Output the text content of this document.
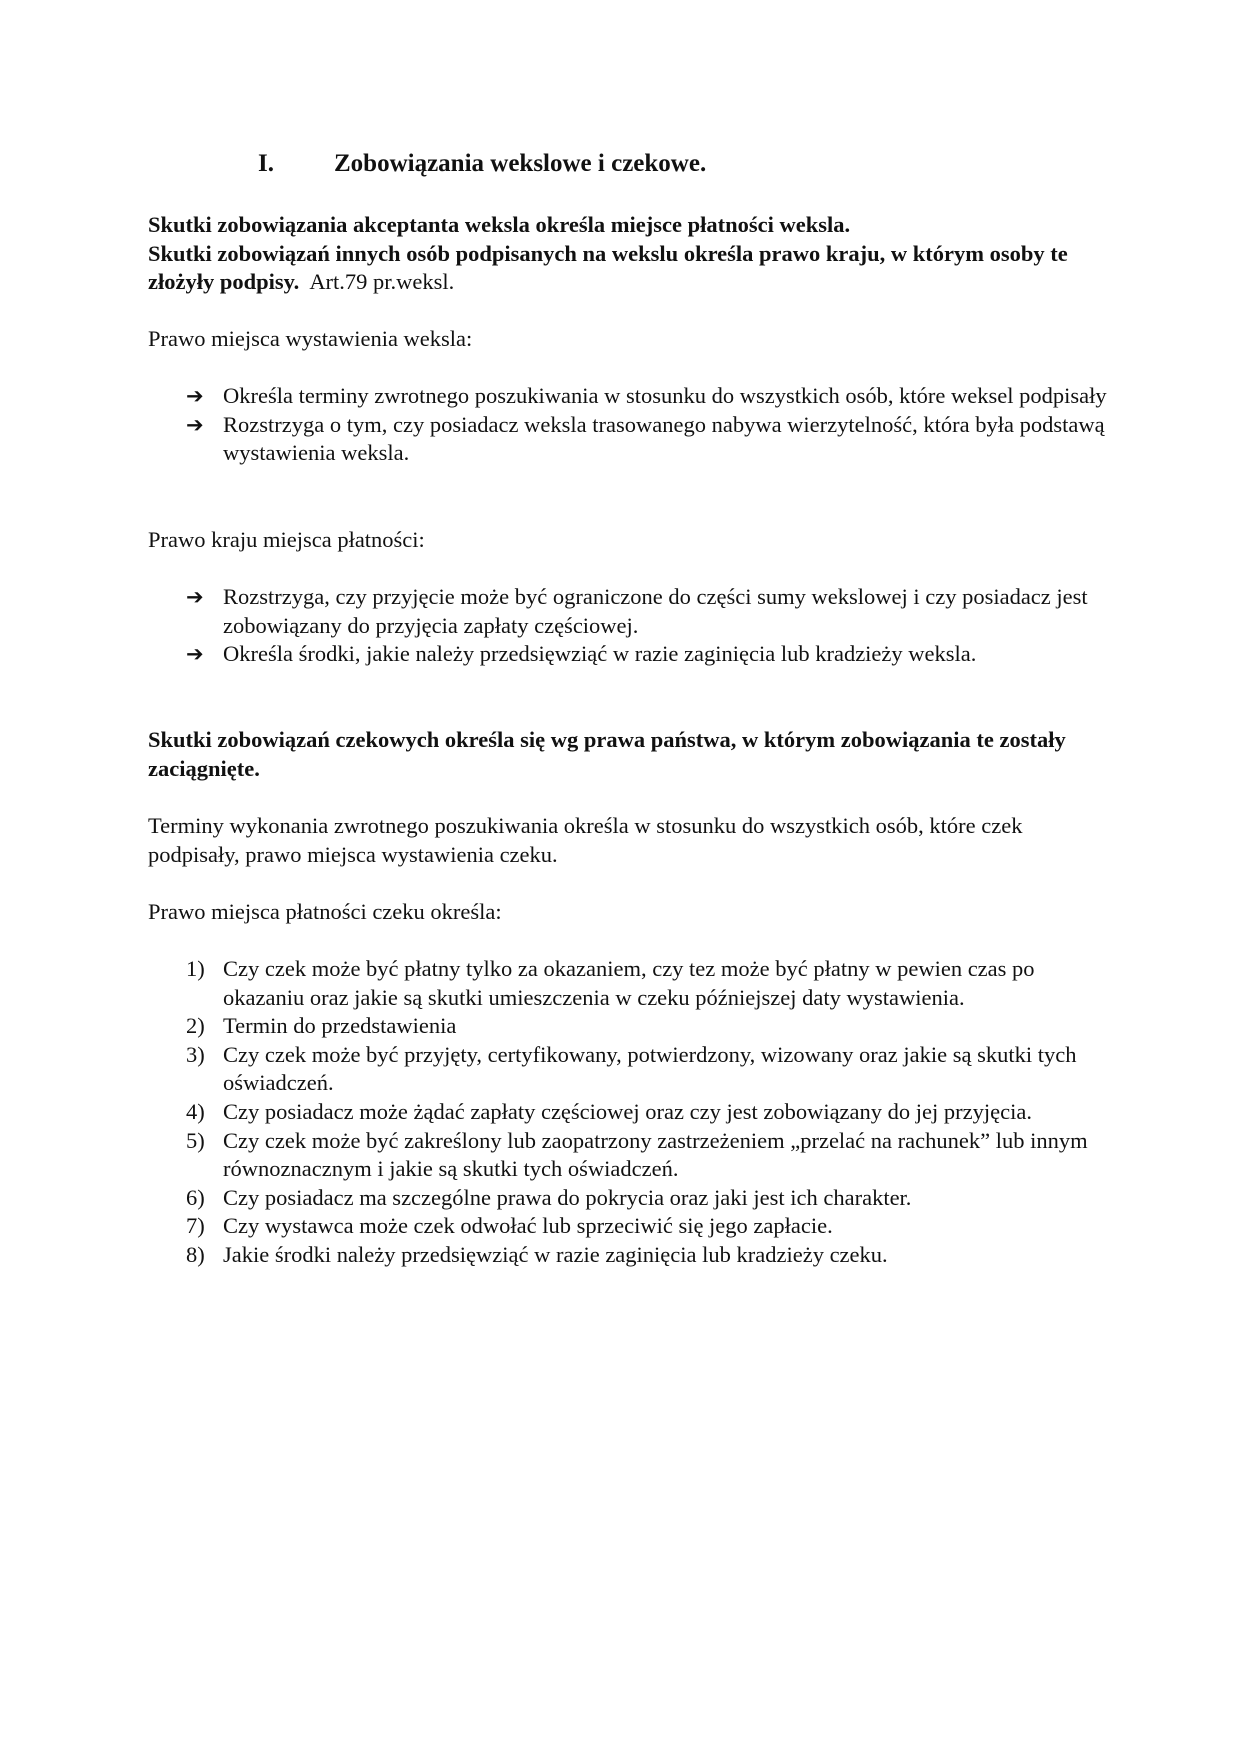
I. Zobowiązania wekslowe i czekowe.
Skutki zobowiązania akceptanta weksla określa miejsce płatności weksla.
Skutki zobowiązań innych osób podpisanych na wekslu określa prawo kraju, w którym osoby te złożyły podpisy. Art.79 pr.weksl.
Prawo miejsca wystawienia weksla:
➔ Określa terminy zwrotnego poszukiwania w stosunku do wszystkich osób, które weksel podpisały
➔ Rozstrzyga o tym, czy posiadacz weksla trasowanego nabywa wierzytelność, która była podstawą wystawienia weksla.
Prawo kraju miejsca płatności:
➔ Rozstrzyga, czy przyjęcie może być ograniczone do części sumy wekslowej i czy posiadacz jest zobowiązany do przyjęcia zapłaty częściowej.
➔ Określa środki, jakie należy przedsięwziąć w razie zaginięcia lub kradzieży weksla.
Skutki zobowiązań czekowych określa się wg prawa państwa, w którym zobowiązania te zostały zaciągnięte.
Terminy wykonania zwrotnego poszukiwania określa w stosunku do wszystkich osób, które czek podpisały, prawo miejsca wystawienia czeku.
Prawo miejsca płatności czeku określa:
1) Czy czek może być płatny tylko za okazaniem, czy tez może być płatny w pewien czas po okazaniu oraz jakie są skutki umieszczenia w czeku późniejszej daty wystawienia.
2) Termin do przedstawienia
3) Czy czek może być przyjęty, certyfikowany, potwierdzony, wizowany oraz jakie są skutki tych oświadczeń.
4) Czy posiadacz może żądać zapłaty częściowej oraz czy jest zobowiązany do jej przyjęcia.
5) Czy czek może być zakreślony lub zaopatrzony zastrzeżeniem „przelać na rachunek” lub innym równoznacznym i jakie są skutki tych oświadczeń.
6) Czy posiadacz ma szczególne prawa do pokrycia oraz jaki jest ich charakter.
7) Czy wystawca może czek odwołać lub sprzeciwić się jego zapłacie.
8) Jakie środki należy przedsięwziąć w razie zaginięcia lub kradzieży czeku.
